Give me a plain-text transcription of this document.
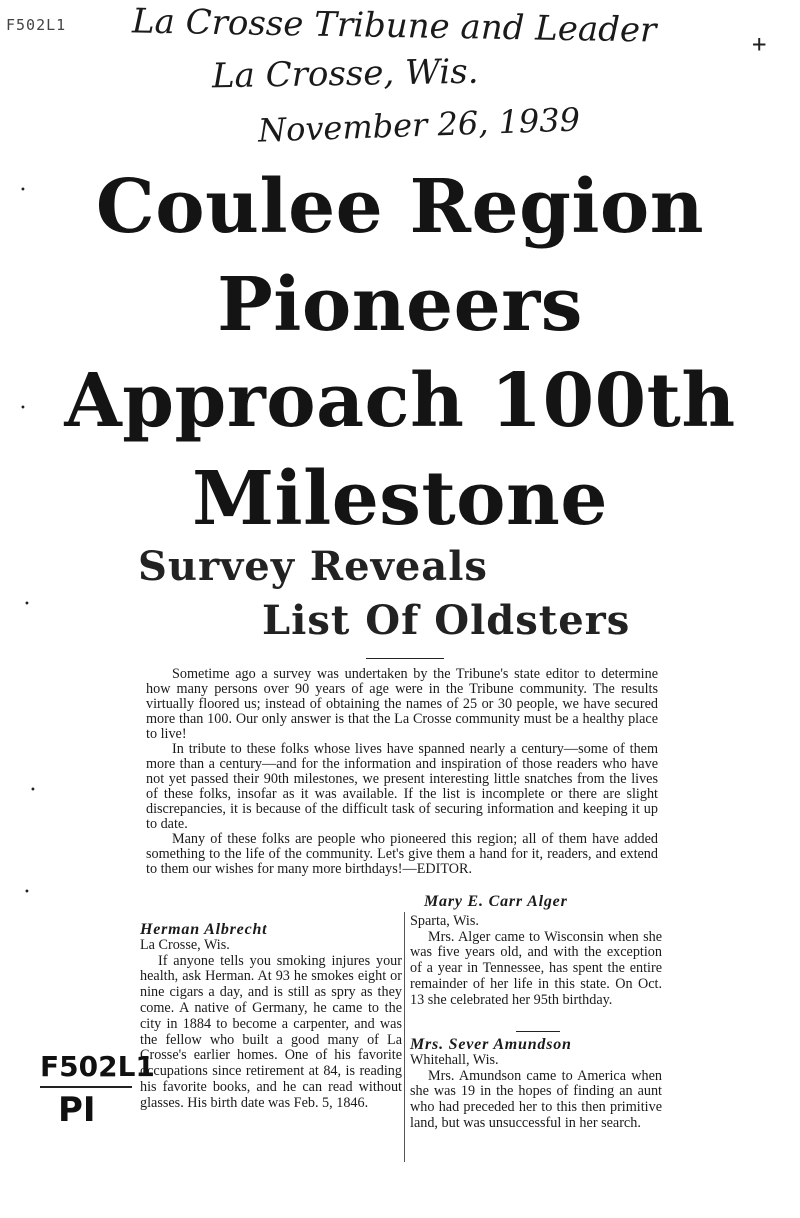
F502L1 La Crosse Tribune and Leader
La Crosse, Wis.
November 26, 1939
+
•
•
•
•
•
Coulee Region
Pioneers
Approach 100th
Milestone
Survey Reveals
List Of Oldsters

Sometime ago a survey was undertaken by the Tribune's state editor to determine how many persons over 90 years of age were in the Tribune community. The results virtually floored us; instead of obtaining the names of 25 or 30 people, we have secured more than 100. Our only answer is that the La Crosse community must be a healthy place to live!

In tribute to these folks whose lives have spanned nearly a century—some of them more than a century—and for the information and inspiration of those readers who have not yet passed their 90th milestones, we present interesting little snatches from the lives of these folks, insofar as it was available. If the list is incomplete or there are slight discrepancies, it is because of the difficult task of securing information and keeping it up to date.

Many of these folks are people who pioneered this region; all of them have added something to the life of the community. Let's give them a hand for it, readers, and extend to them our wishes for many more birthdays!—EDITOR.

Herman Albrecht

La Crosse, Wis.

If anyone tells you smoking injures your health, ask Herman. At 93 he smokes eight or nine cigars a day, and is still as spry as they come. A native of Germany, he came to the city in 1884 to become a carpenter, and was the fellow who built a good many of La Crosse's earlier homes. One of his favorite occupations since retirement at 84, is reading his favorite books, and he can read without glasses. His birth date was Feb. 5, 1846.

Mary E. Carr Alger

Sparta, Wis.

Mrs. Alger came to Wisconsin when she was five years old, and with the exception of a year in Tennessee, has spent the entire remainder of her life in this state. On Oct. 13 she celebrated her 95th birthday.

Mrs. Sever Amundson

Whitehall, Wis.

Mrs. Amundson came to America when she was 19 in the hopes of finding an aunt who had preceded her to this then primitive land, but was unsuccessful in her search.

F502L1
PI
